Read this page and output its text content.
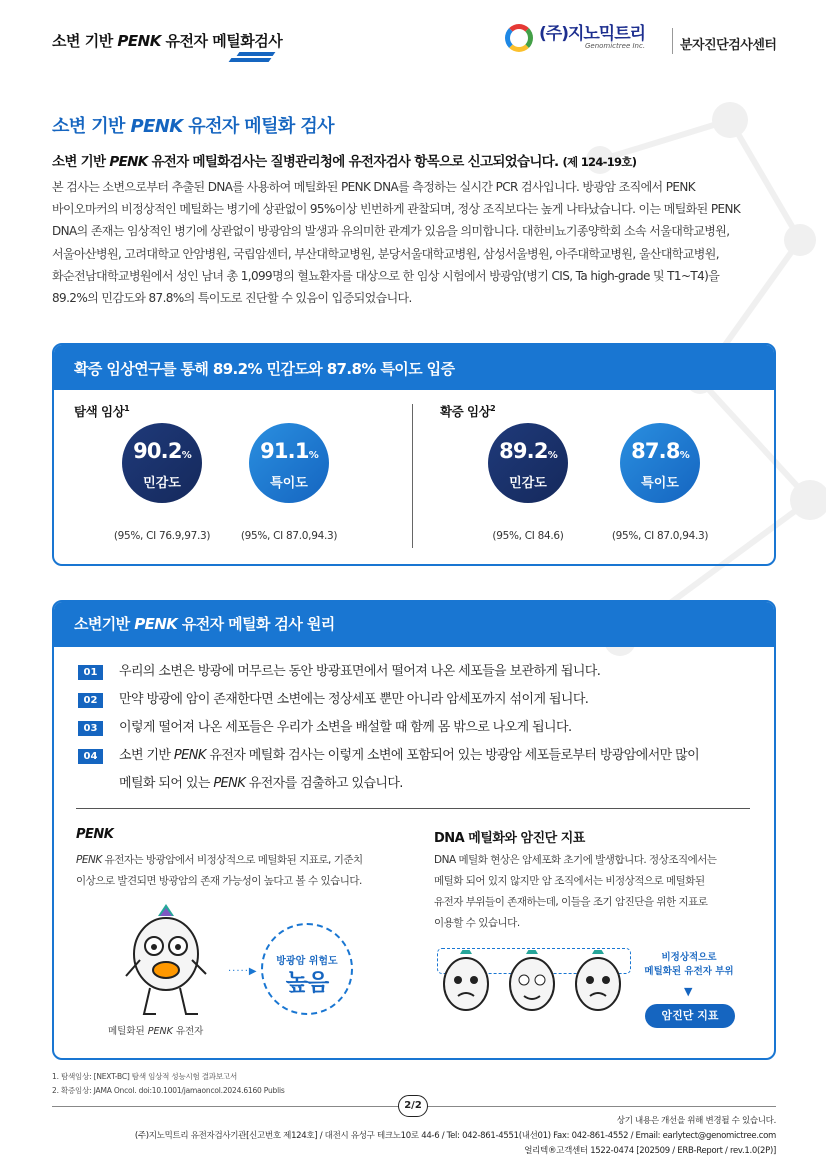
소변 기반 PENK 유전자 메틸화검사	(주)지노믹트리
Genomictree Inc.	분자진단검사센터
소변 기반 PENK 유전자 메틸화 검사
소변 기반 PENK 유전자 메틸화검사는 질병관리청에 유전자검사 항목으로 신고되었습니다. (제 124-19호)
본 검사는 소변으로부터 추출된 DNA를 사용하여 메틸화된 PENK DNA를 측정하는 실시간 PCR 검사입니다. 방광암 조직에서 PENK
바이오마커의 비정상적인 메틸화는 병기에 상관없이 95%이상 빈번하게 관찰되며, 정상 조직보다는 높게 나타났습니다. 이는 메틸화된 PENK
DNA의 존재는 임상적인 병기에 상관없이 방광암의 발생과 유의미한 관계가 있음을 의미합니다. 대한비뇨기종양학회 소속 서울대학교병원,
서울아산병원, 고려대학교 안암병원, 국립암센터, 부산대학교병원, 분당서울대학교병원, 삼성서울병원, 아주대학교병원, 울산대학교병원,
화순전남대학교병원에서 성인 남녀 총 1,099명의 혈뇨환자를 대상으로 한 임상 시험에서 방광암(병기 CIS, Ta high-grade 및 T1~T4)을
89.2%의 민감도와 87.8%의 특이도로 진단할 수 있음이 입증되었습니다.
확증 임상연구를 통해 89.2% 민감도와 87.8% 특이도 입증
탐색 임상$^1$	확증 임상$^2$
90.2%
민감도
91.1%
특이도
89.2%
민감도
87.8%
특이도
(95%, CI 76.9,97.3)	(95%, CI 87.0,94.3)	(95%, CI 84.6)	(95%, CI 87.0,94.3)
소변기반 PENK 유전자 메틸화 검사 원리
01	우리의 소변은 방광에 머무르는 동안 방광표면에서 떨어져 나온 세포들을 보관하게 됩니다.
02	만약 방광에 암이 존재한다면 소변에는 정상세포 뿐만 아니라 암세포까지 섞이게 됩니다.
03	이렇게 떨어져 나온 세포들은 우리가 소변을 배설할 때 함께 몸 밖으로 나오게 됩니다.
04	소변 기반 PENK 유전자 메틸화 검사는 이렇게 소변에 포함되어 있는 방광암 세포들로부터 방광암에서만 많이
메틸화 되어 있는 PENK 유전자를 검출하고 있습니다.
PENK
PENK 유전자는 방광암에서 비정상적으로 메틸화된 지표로, 기준치
이상으로 발견되면 방광암의 존재 가능성이 높다고 볼 수 있습니다.
·····▶
방광암 위험도
높음
메틸화된 PENK 유전자
DNA 메틸화와 암진단 지표
DNA 메틸화 현상은 암세포화 초기에 발생합니다. 정상조직에서는
메틸화 되어 있지 않지만 암 조직에서는 비정상적으로 메틸화된
유전자 부위들이 존재하는데, 이들을 조기 암진단을 위한 지표로
이용할 수 있습니다.
비정상적으로
메틸화된 유전자 부위
▼
암진단 지표
1. 탐색임상: [NEXT-BC] 탐색 임상적 성능시험 결과보고서
2. 확증임상: JAMA Oncol. doi:10.1001/jamaoncol.2024.6160 Publis
2/2
상기 내용은 개선을 위해 변경될 수 있습니다.
(주)지노믹트리 유전자검사기관[신고번호 제124호] / 대전시 유성구 테크노10로 44-6 / Tel: 042-861-4551(내선01) Fax: 042-861-4552 / Email: earlytect@genomictree.com
얼리텍®고객센터 1522-0474 [202509 / ERB-Report / rev.1.0(2P)]
